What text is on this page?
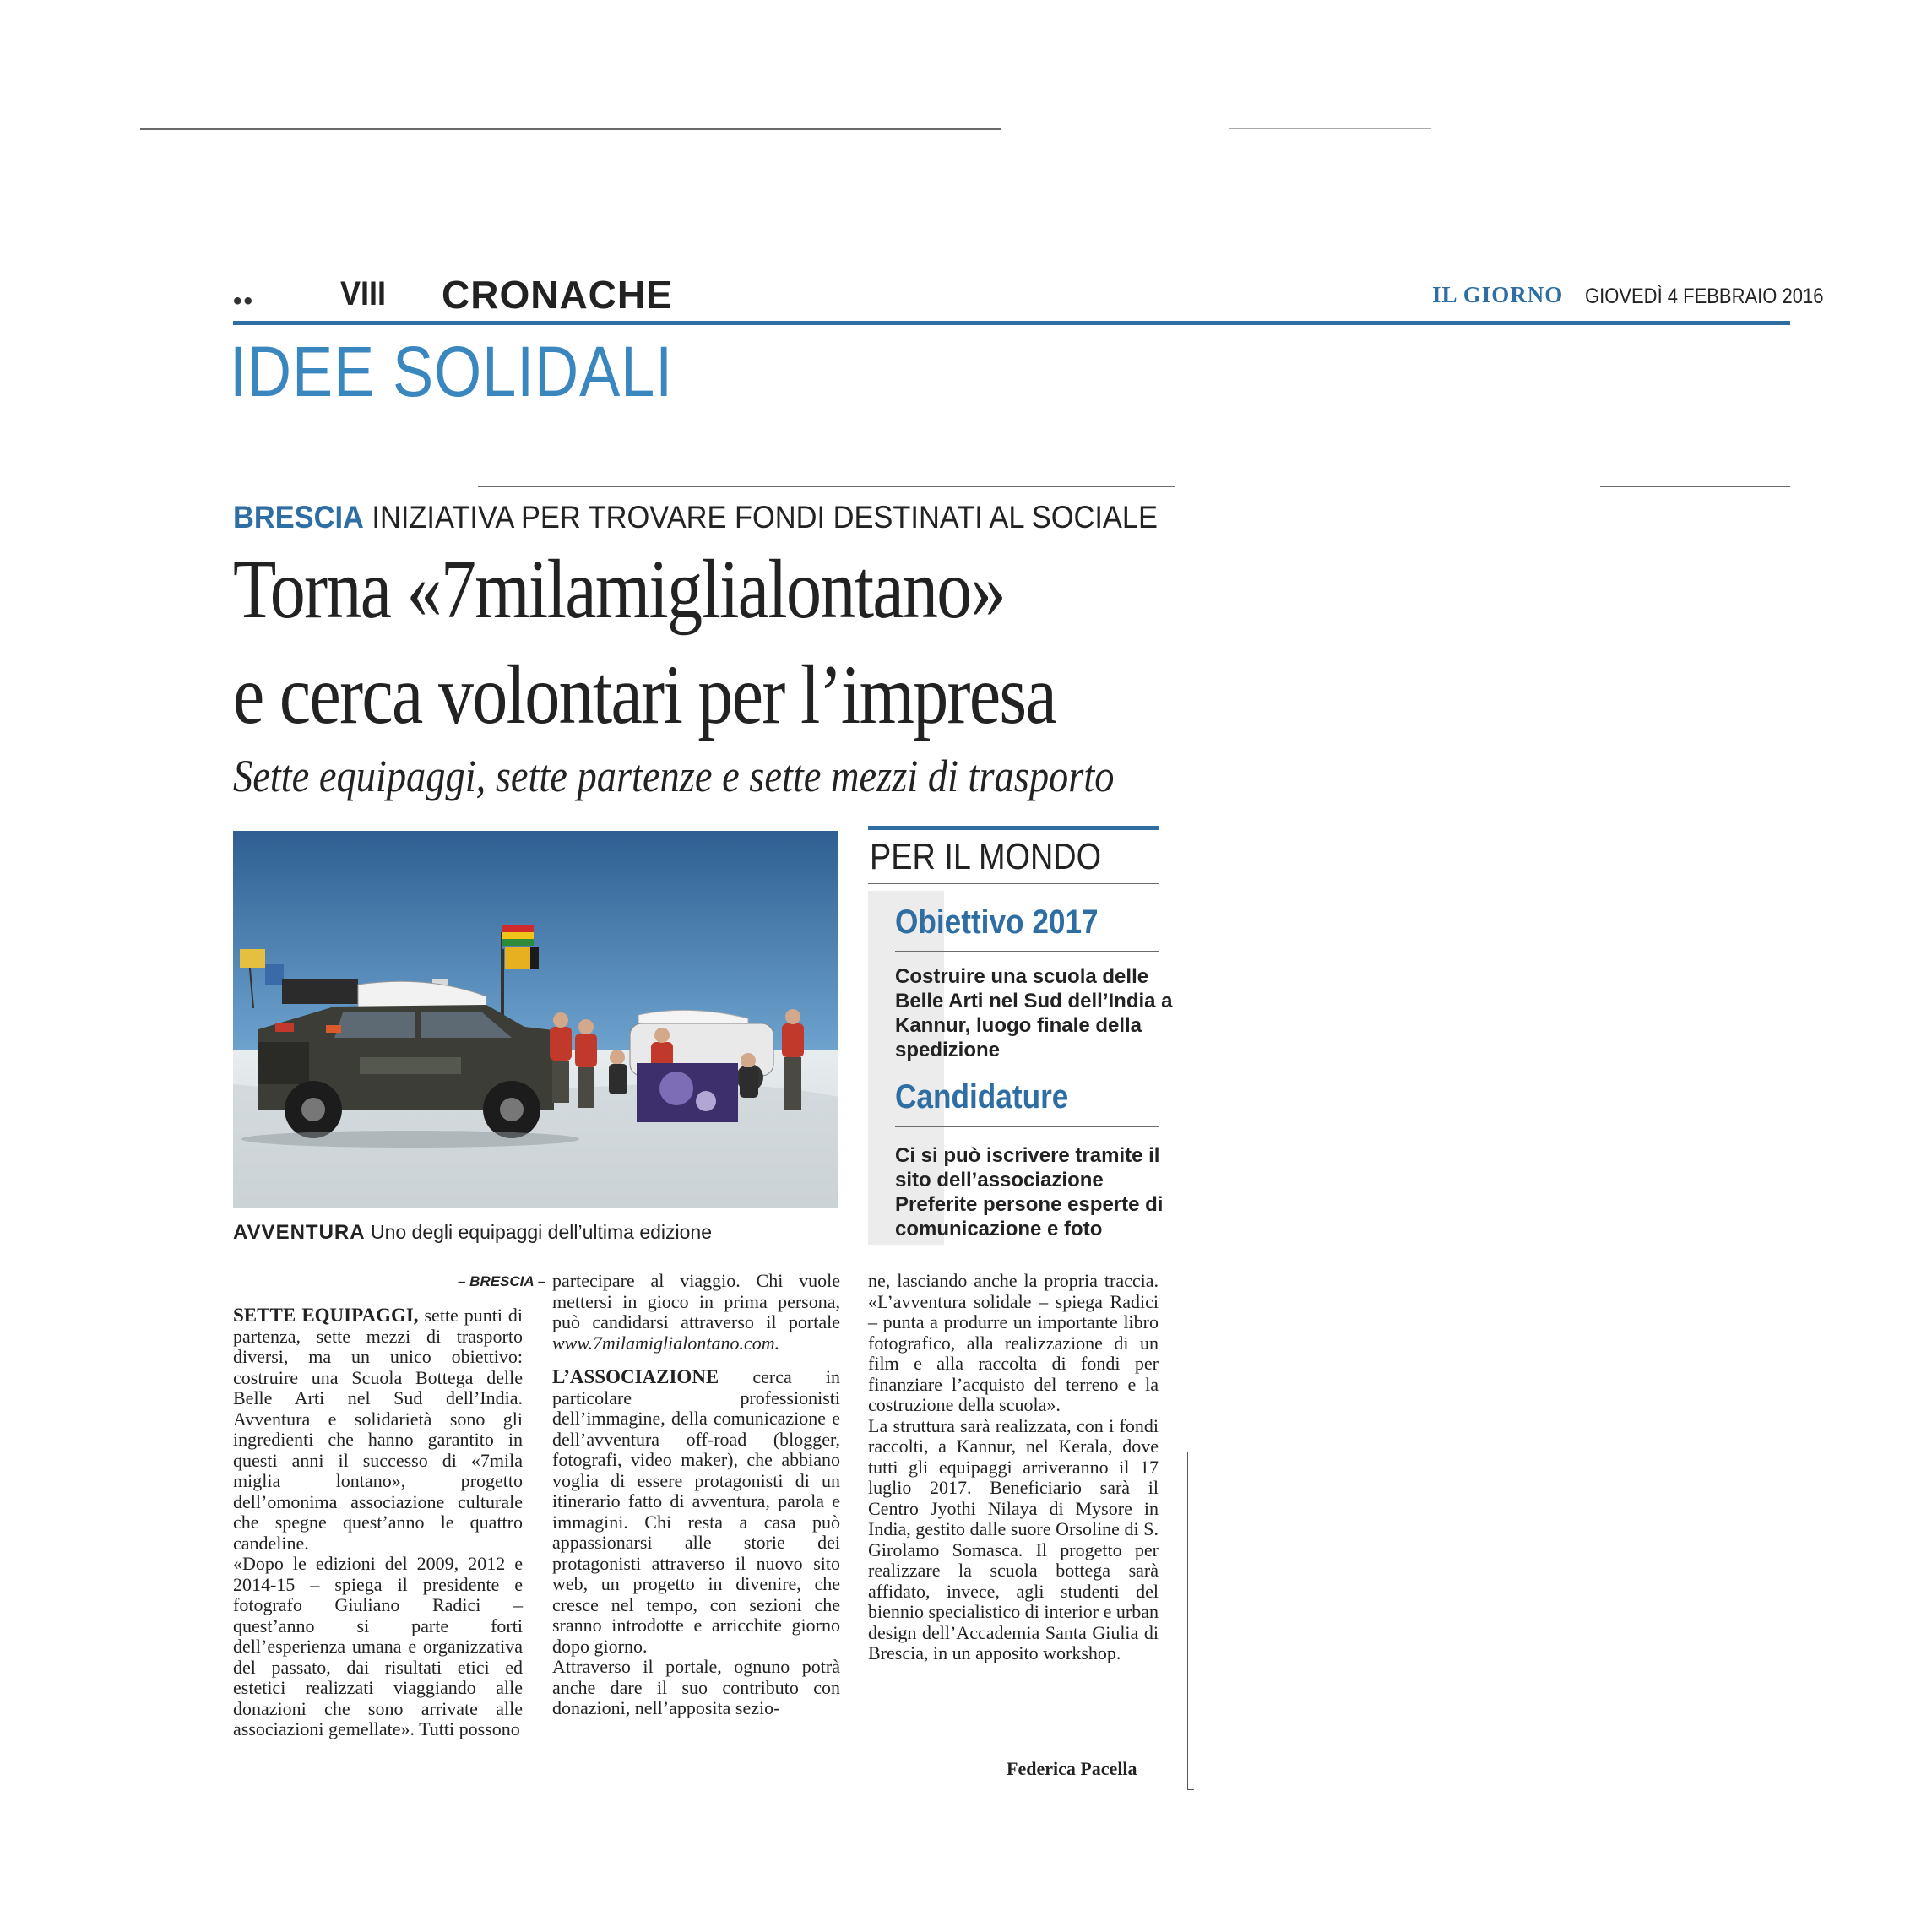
••	VIII CRONACHE	IL GIORNO GIOVEDÌ 4 FEBBRAIO 2016
IDEE SOLIDALI
BRESCIA INIZIATIVA PER TROVARE FONDI DESTINATI AL SOCIALE
Torna «7milamiglialontano»
e cerca volontari per l’impresa
Sette equipaggi, sette partenze e sette mezzi di trasporto
AVVENTURA Uno degli equipaggi dell’ultima edizione
PER IL MONDO
Obiettivo 2017
Costruire una scuola delle Belle Arti nel Sud dell’India a Kannur, luogo finale della spedizione
Candidature
Ci si può iscrivere tramite il sito dell’associazione Preferite persone esperte di comunicazione e foto
– BRESCIA –

SETTE EQUIPAGGI, sette punti di partenza, sette mezzi di trasporto diversi, ma un unico obiettivo: costruire una Scuola Bottega delle Belle Arti nel Sud dell’India. Avventura e solidarietà sono gli ingredienti che hanno garantito in questi anni il successo di «7mila miglia lontano», progetto dell’omonima associazione culturale che spegne quest’anno le quattro candeline.

«Dopo le edizioni del 2009, 2012 e 2014-15 – spiega il presidente e fotografo Giuliano Radici – quest’anno si parte forti dell’esperienza umana e organizzativa del passato, dai risultati etici ed estetici realizzati viaggiando alle donazioni che sono arrivate alle associazioni gemellate». Tutti possono

partecipare al viaggio. Chi vuole mettersi in gioco in prima persona, può candidarsi attraverso il portale www.7milamiglialontano.com.

L’ASSOCIAZIONE cerca in particolare professionisti dell’immagine, della comunicazione e dell’avventura off-road (blogger, fotografi, video maker), che abbiano voglia di essere protagonisti di un itinerario fatto di avventura, parola e immagini. Chi resta a casa può appassionarsi alle storie dei protagonisti attraverso il nuovo sito web, un progetto in divenire, che cresce nel tempo, con sezioni che sranno introdotte e arricchite giorno dopo giorno.

Attraverso il portale, ognuno potrà anche dare il suo contributo con donazioni, nell’apposita sezio-

ne, lasciando anche la propria traccia. «L’avventura solidale – spiega Radici – punta a produrre un importante libro fotografico, alla realizzazione di un film e alla raccolta di fondi per finanziare l’acquisto del terreno e la costruzione della scuola».

La struttura sarà realizzata, con i fondi raccolti, a Kannur, nel Kerala, dove tutti gli equipaggi arriveranno il 17 luglio 2017. Beneficiario sarà il Centro Jyothi Nilaya di Mysore in India, gestito dalle suore Orsoline di S. Girolamo Somasca. Il progetto per realizzare la scuola bottega sarà affidato, invece, agli studenti del biennio specialistico di interior e urban design dell’Accademia Santa Giulia di Brescia, in un apposito workshop.

Federica Pacella
